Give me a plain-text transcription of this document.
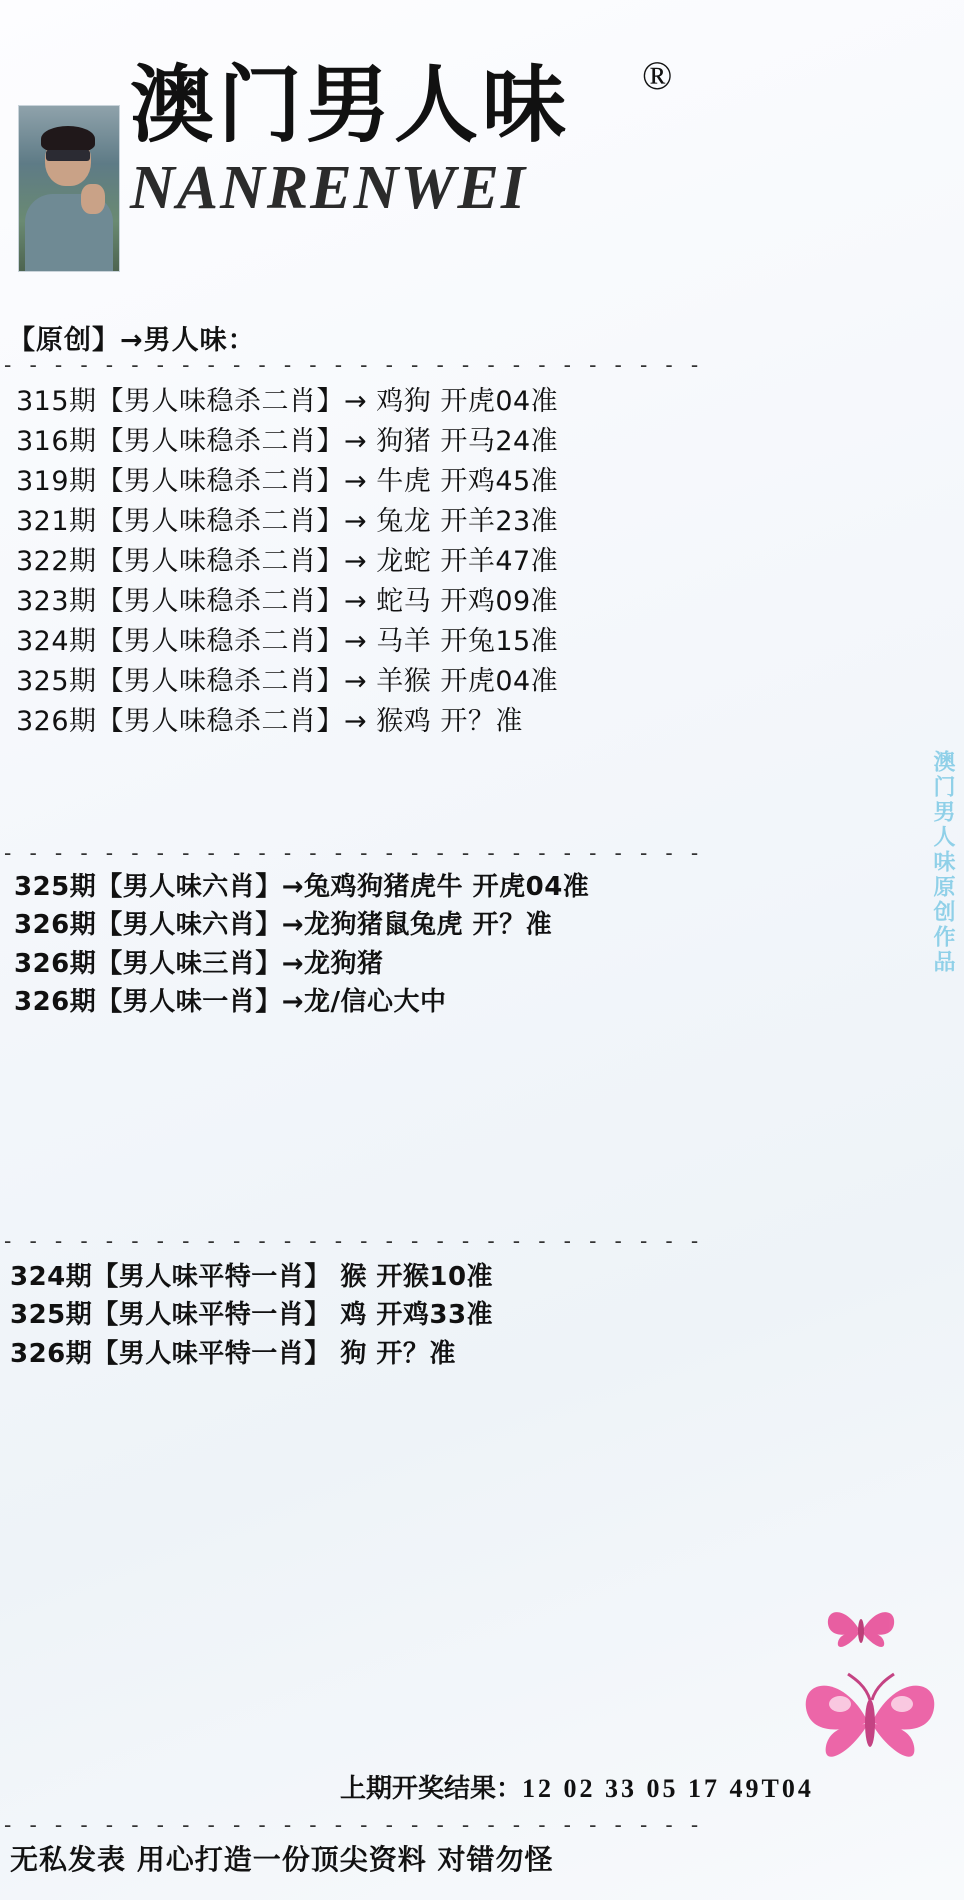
澳门男人味	®
NANRENWEI
【原创】→男人味：
- - - - - - - - - - - - - - - - - - - - - - - - - - - -
315期【男人味稳杀二肖】→ 鸡狗 开虎04准
316期【男人味稳杀二肖】→ 狗猪 开马24准
319期【男人味稳杀二肖】→ 牛虎 开鸡45准
321期【男人味稳杀二肖】→ 兔龙 开羊23准
322期【男人味稳杀二肖】→ 龙蛇 开羊47准
323期【男人味稳杀二肖】→ 蛇马 开鸡09准
324期【男人味稳杀二肖】→ 马羊 开兔15准
325期【男人味稳杀二肖】→ 羊猴 开虎04准
326期【男人味稳杀二肖】→ 猴鸡 开？准
- - - - - - - - - - - - - - - - - - - - - - - - - - - -
325期【男人味六肖】→兔鸡狗猪虎牛 开虎04准
326期【男人味六肖】→龙狗猪鼠兔虎 开？准
326期【男人味三肖】→龙狗猪
326期【男人味一肖】→龙/信心大中
- - - - - - - - - - - - - - - - - - - - - - - - - - - -
324期【男人味平特一肖】 猴 开猴10准
325期【男人味平特一肖】 鸡 开鸡33准
326期【男人味平特一肖】 狗 开？准
澳门男人味原创作品
- - - - - - - - - - - - - - - - - - - - - - - - - - - -
上期开奖结果：12 02 33 05 17 49T04
无私发表 用心打造一份顶尖资料 对错勿怪
